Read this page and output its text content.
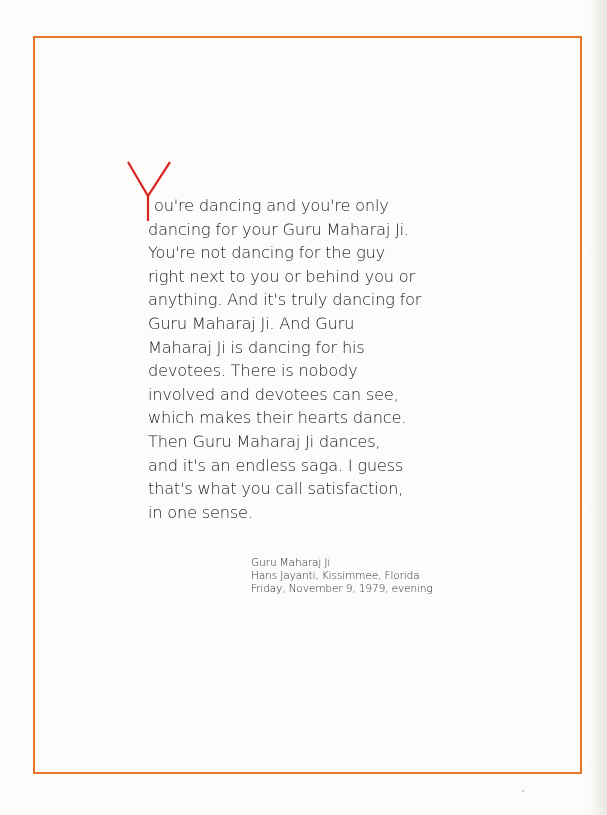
ou're dancing and you're only
dancing for your Guru Maharaj Ji.
You're not dancing for the guy
right next to you or behind you or
anything. And it's truly dancing for
Guru Maharaj Ji. And Guru
Maharaj Ji is dancing for his
devotees. There is nobody
involved and devotees can see,
which makes their hearts dance.
Then Guru Maharaj Ji dances,
and it's an endless saga. I guess
that's what you call satisfaction,
in one sense.
Guru Maharaj Ji
Hans Jayanti, Kissimmee, Florida
Friday, November 9, 1979, evening
